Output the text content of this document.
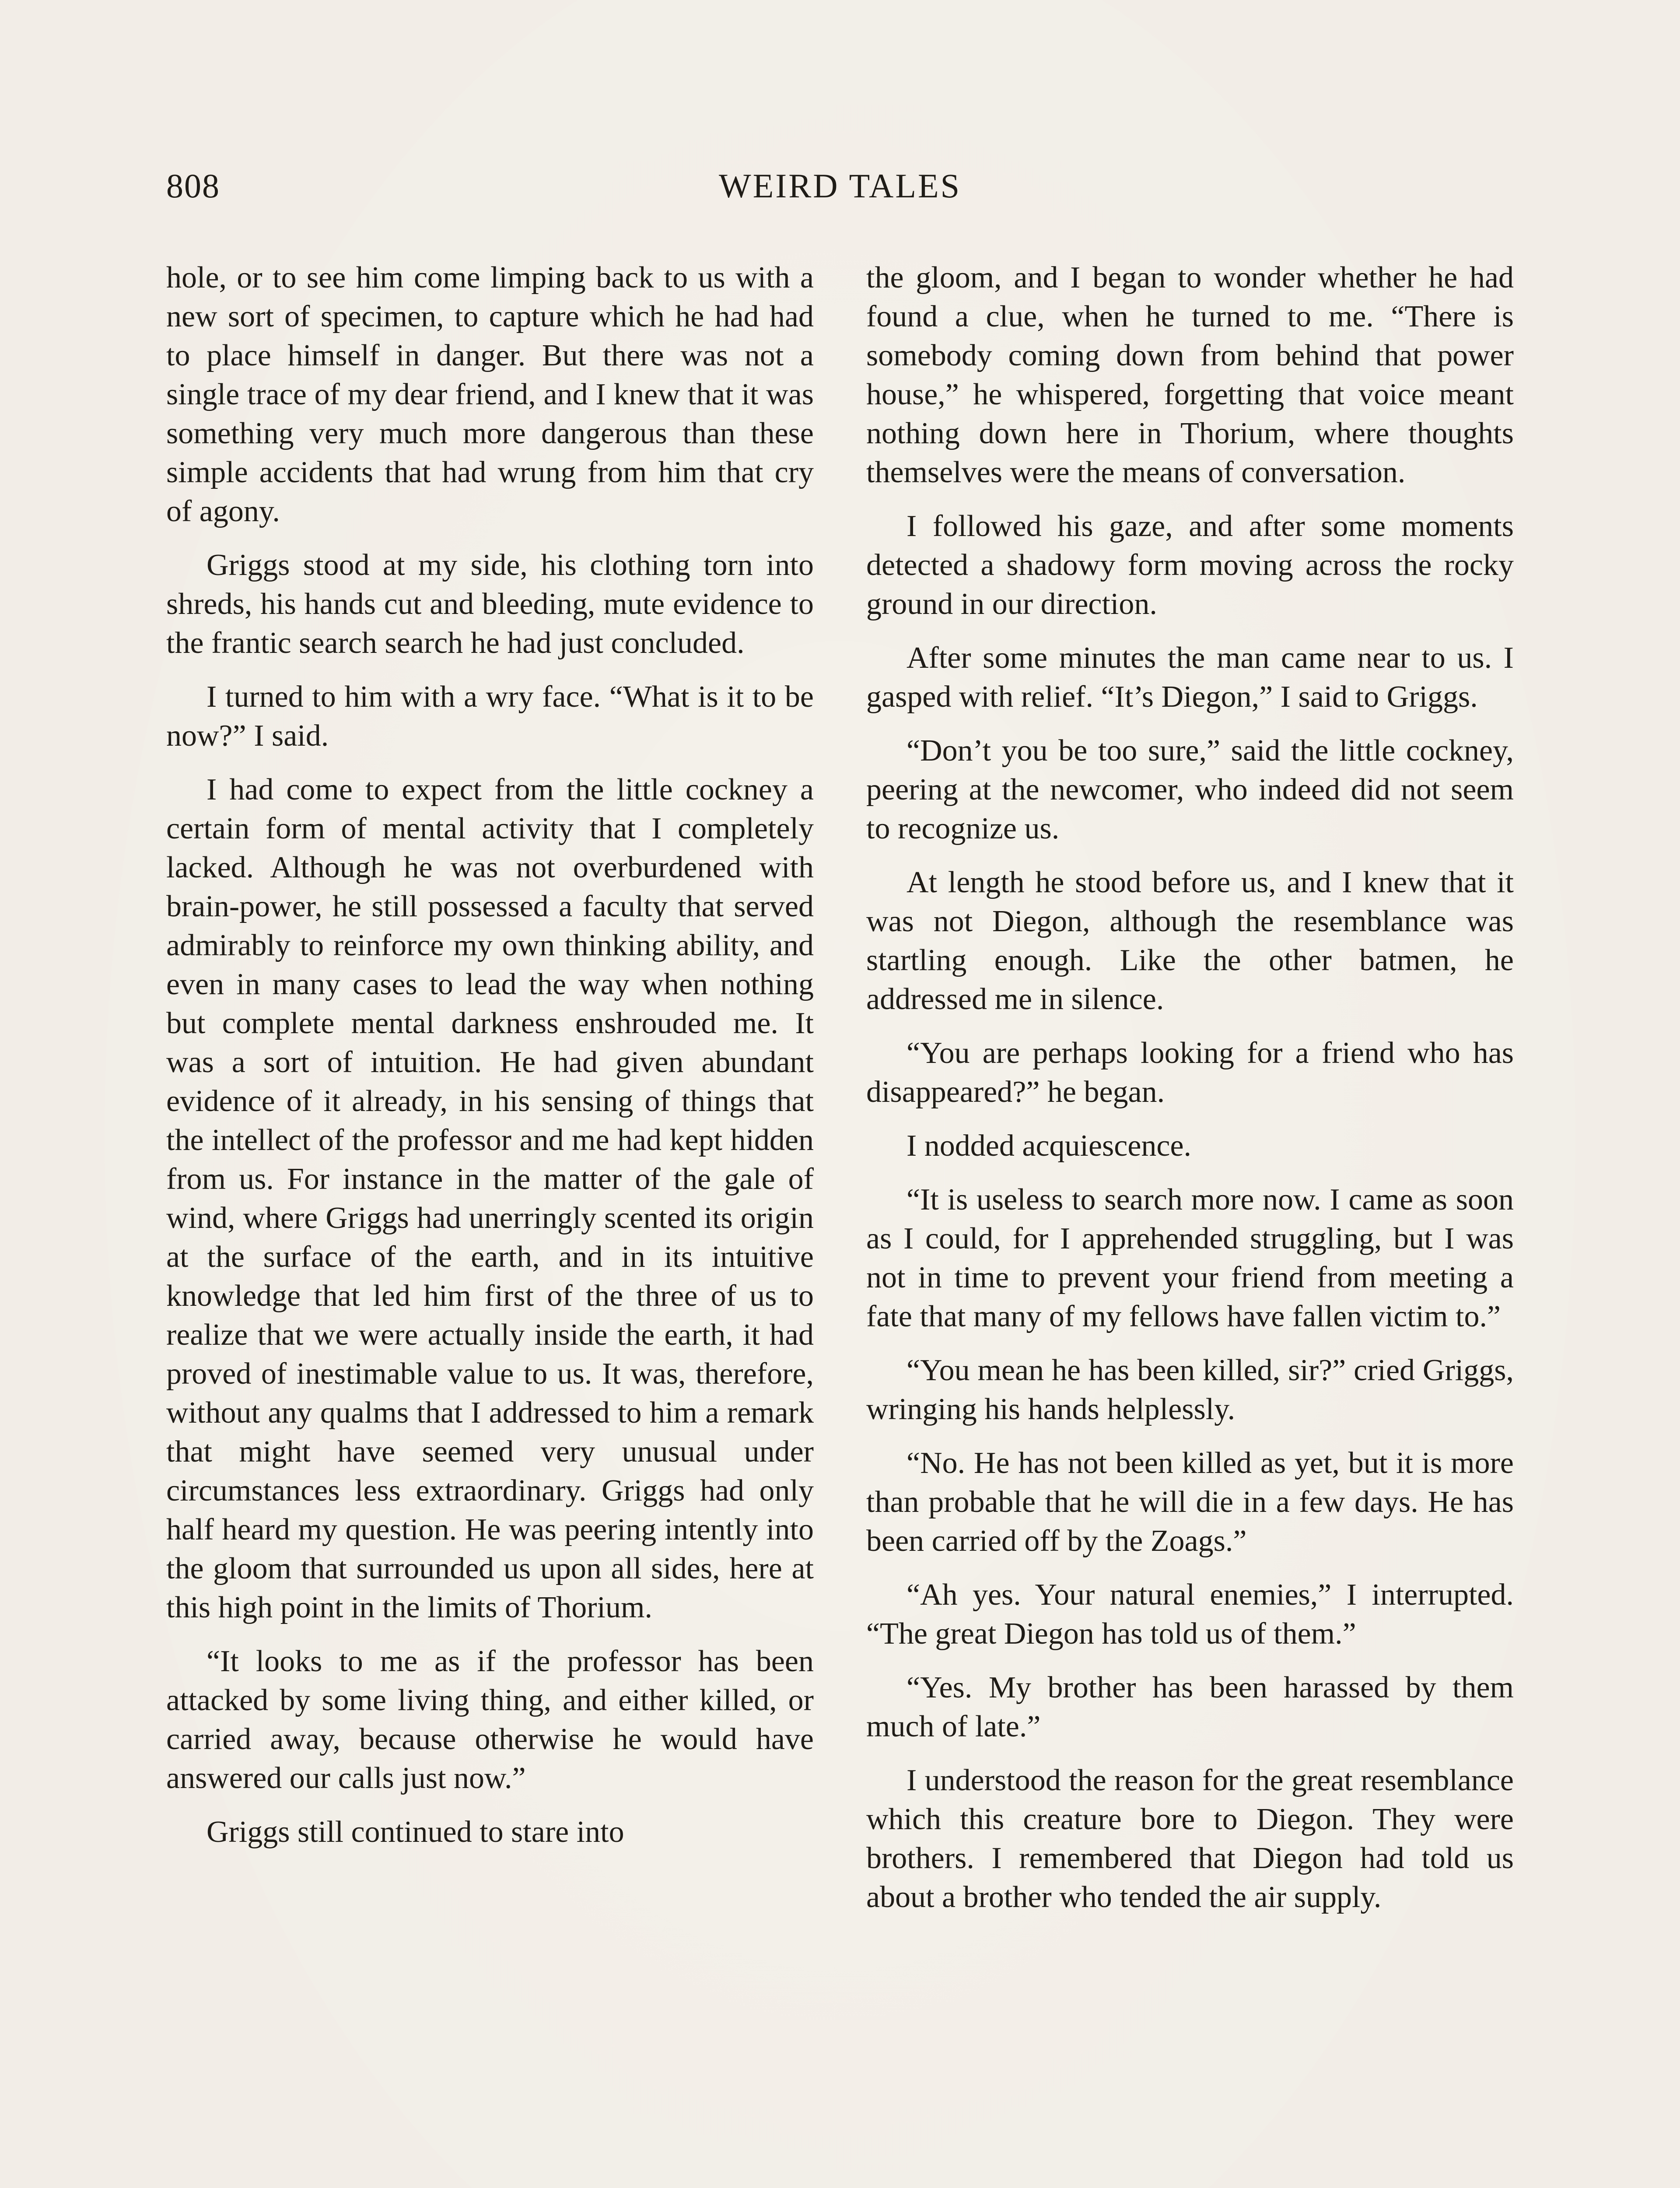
808	WEIRD TALES

hole, or to see him come limping back to us with a new sort of specimen, to capture which he had had to place himself in danger. But there was not a single trace of my dear friend, and I knew that it was something very much more dangerous than these simple accidents that had wrung from him that cry of agony.

Griggs stood at my side, his clothing torn into shreds, his hands cut and bleeding, mute evidence to the frantic search search he had just concluded.

I turned to him with a wry face. “What is it to be now?” I said.

I had come to expect from the little cockney a certain form of mental activity that I completely lacked. Although he was not overburdened with brain-power, he still possessed a faculty that served admirably to reinforce my own thinking ability, and even in many cases to lead the way when nothing but complete mental darkness enshrouded me. It was a sort of intuition. He had given abundant evidence of it already, in his sensing of things that the intellect of the professor and me had kept hidden from us. For instance in the matter of the gale of wind, where Griggs had unerringly scented its origin at the surface of the earth, and in its intuitive knowledge that led him first of the three of us to realize that we were actually inside the earth, it had proved of inestimable value to us. It was, therefore, without any qualms that I addressed to him a remark that might have seemed very unusual under circumstances less extraordinary. Griggs had only half heard my question. He was peering intently into the gloom that surrounded us upon all sides, here at this high point in the limits of Thorium.

“It looks to me as if the professor has been attacked by some living thing, and either killed, or carried away, because otherwise he would have answered our calls just now.”

Griggs still continued to stare into

the gloom, and I began to wonder whether he had found a clue, when he turned to me. “There is somebody coming down from behind that power house,” he whispered, forgetting that voice meant nothing down here in Thorium, where thoughts themselves were the means of conversation.

I followed his gaze, and after some moments detected a shadowy form moving across the rocky ground in our direction.

After some minutes the man came near to us. I gasped with relief. “It’s Diegon,” I said to Griggs.

“Don’t you be too sure,” said the little cockney, peering at the newcomer, who indeed did not seem to recognize us.

At length he stood before us, and I knew that it was not Diegon, although the resemblance was startling enough. Like the other batmen, he addressed me in silence.

“You are perhaps looking for a friend who has disappeared?” he began.

I nodded acquiescence.

“It is useless to search more now. I came as soon as I could, for I apprehended struggling, but I was not in time to prevent your friend from meeting a fate that many of my fellows have fallen victim to.”

“You mean he has been killed, sir?” cried Griggs, wringing his hands helplessly.

“No. He has not been killed as yet, but it is more than probable that he will die in a few days. He has been carried off by the Zoags.”

“Ah yes. Your natural enemies,” I interrupted. “The great Diegon has told us of them.”

“Yes. My brother has been harassed by them much of late.”

I understood the reason for the great resemblance which this creature bore to Diegon. They were brothers. I remembered that Diegon had told us about a brother who tended the air supply.
